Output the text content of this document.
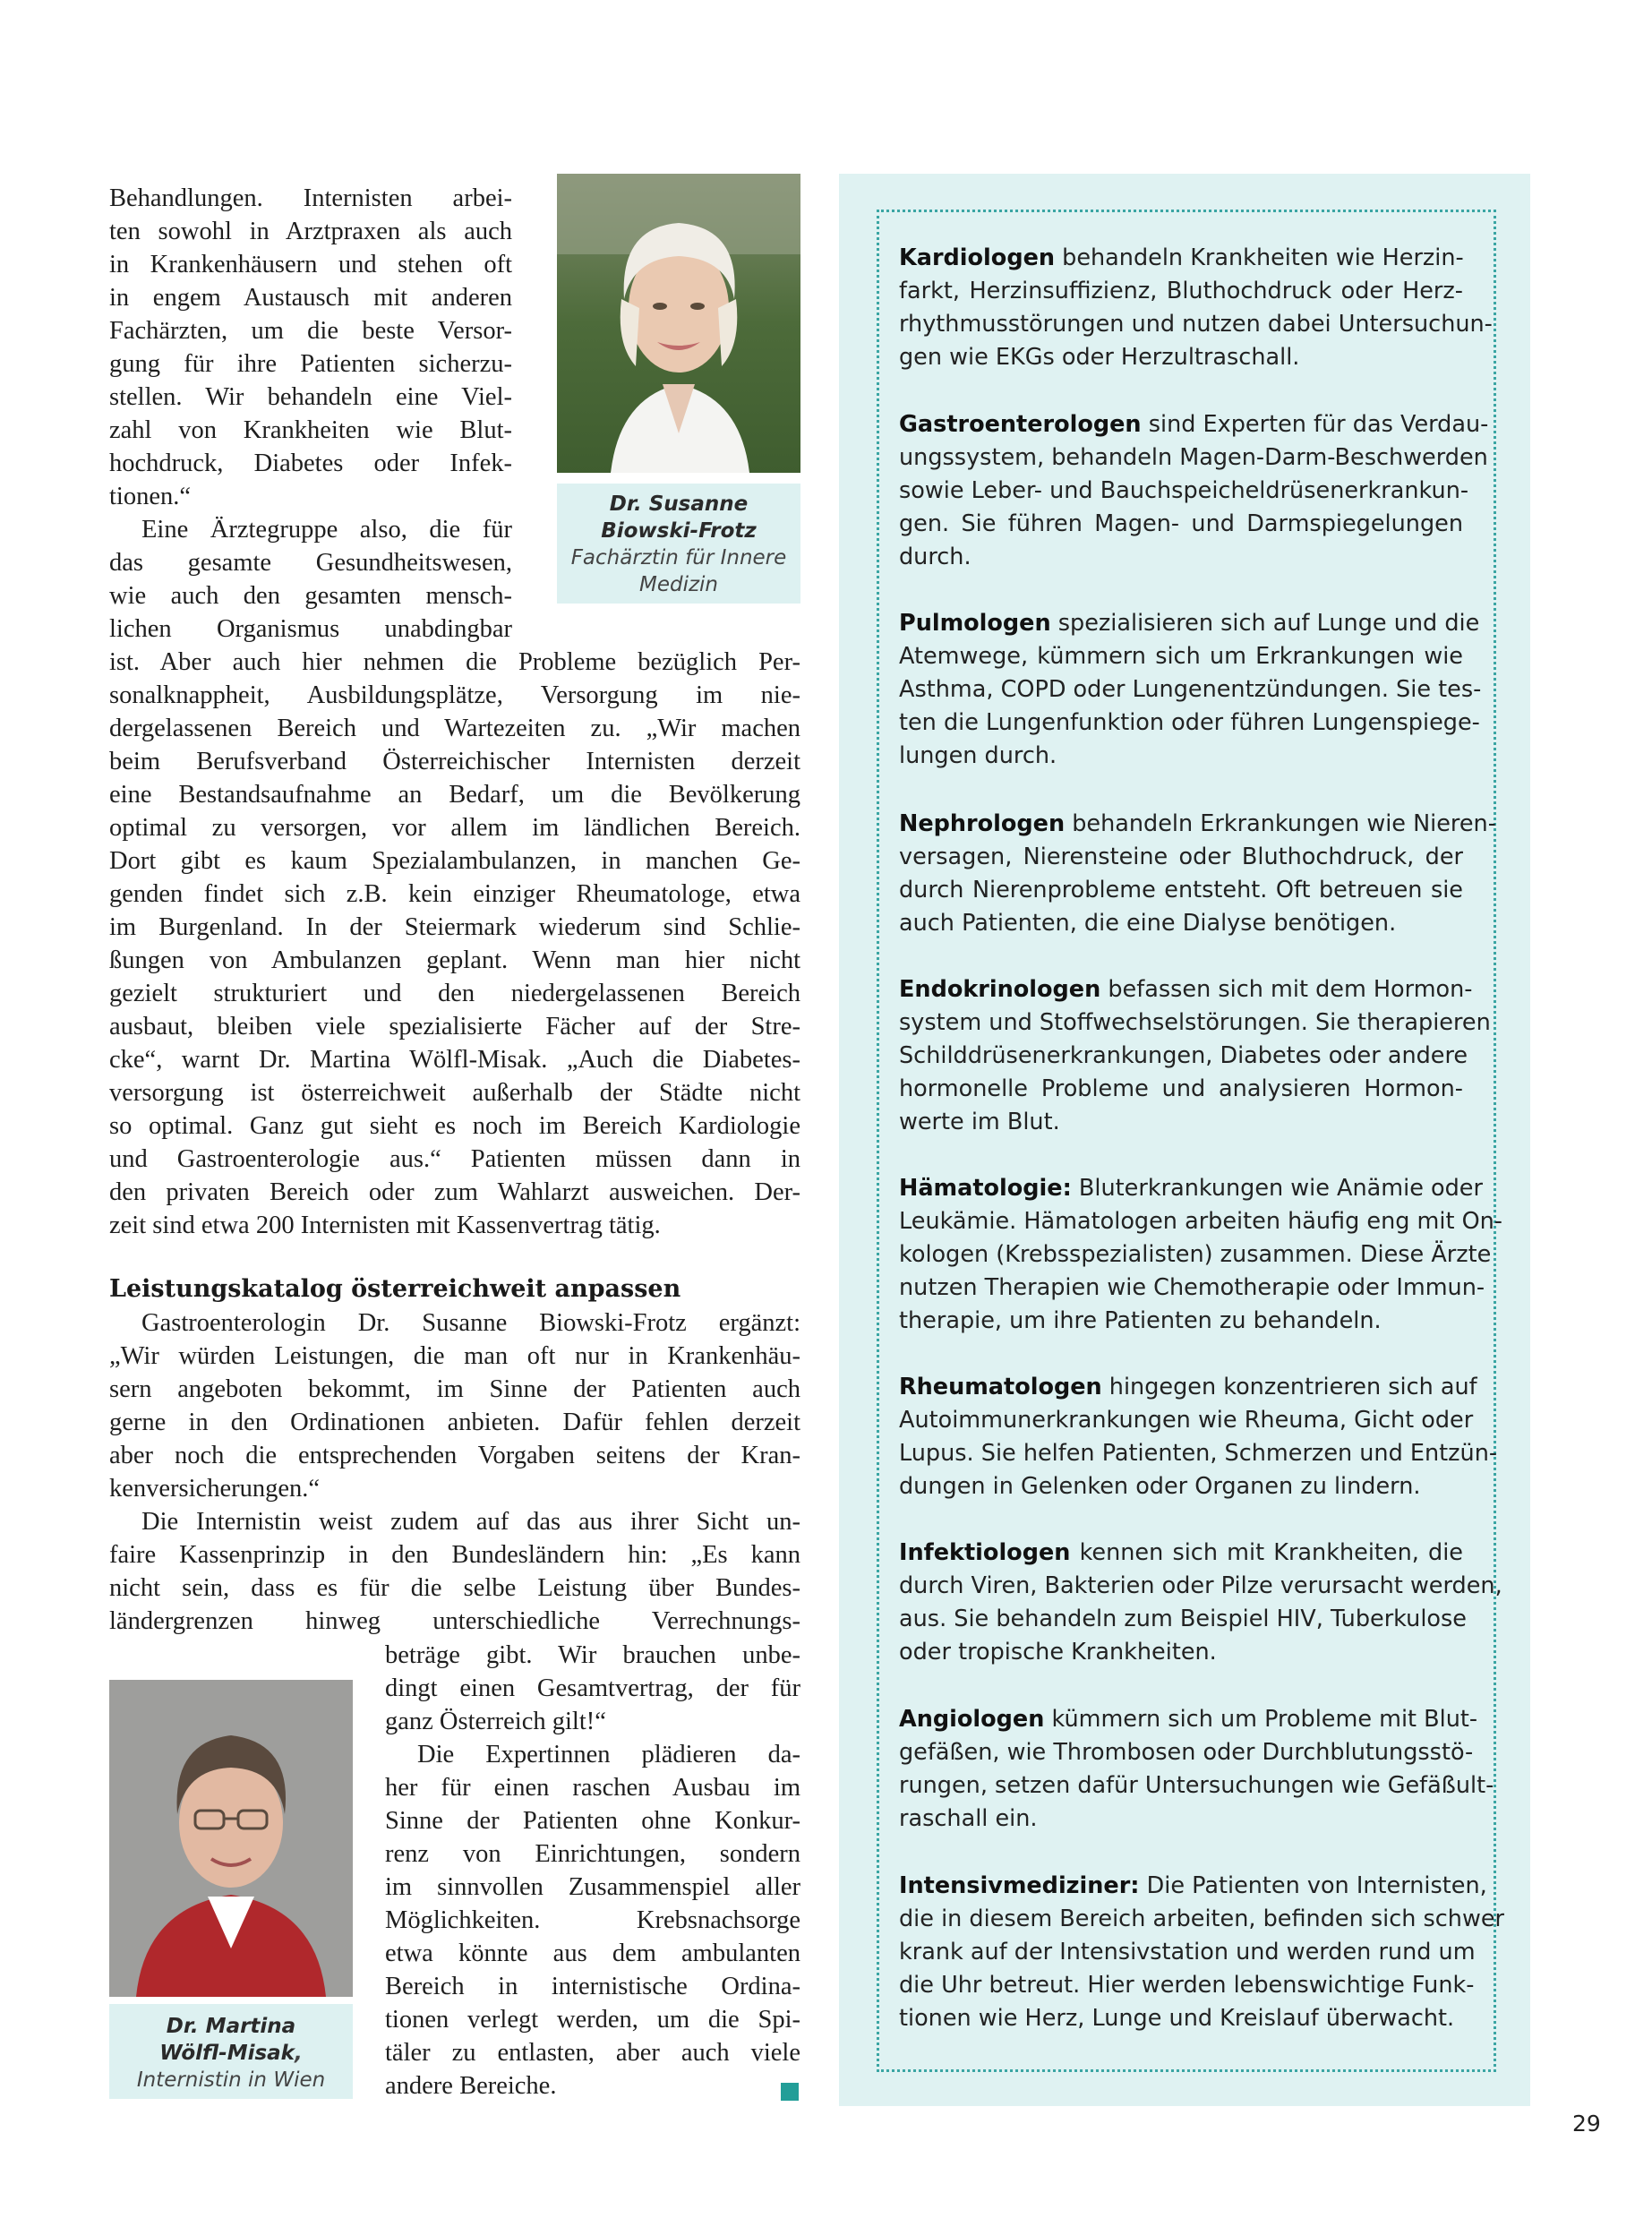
Behandlungen. Internisten arbei-
ten sowohl in Arztpraxen als auch
in Krankenhäusern und stehen oft
in engem Austausch mit anderen
Fachärzten, um die beste Versor-
gung für ihre Patienten sicherzu-
stellen. Wir behandeln eine Viel-
zahl von Krankheiten wie Blut-
hochdruck, Diabetes oder Infek-
tionen.“
Eine Ärztegruppe also, die für
das gesamte Gesundheitswesen,
wie auch den gesamten mensch-
lichen Organismus unabdingbar
Dr. Susanne
Biowski-Frotz
Fachärztin für Innere
Medizin
ist. Aber auch hier nehmen die Probleme bezüglich Per-
sonalknappheit, Ausbildungsplätze, Versorgung im nie-
dergelassenen Bereich und Wartezeiten zu. „Wir machen
beim Berufsverband Österreichischer Internisten derzeit
eine Bestandsaufnahme an Bedarf, um die Bevölkerung
optimal zu versorgen, vor allem im ländlichen Bereich.
Dort gibt es kaum Spezialambulanzen, in manchen Ge-
genden findet sich z.B. kein einziger Rheumatologe, etwa
im Burgenland. In der Steiermark wiederum sind Schlie-
ßungen von Ambulanzen geplant. Wenn man hier nicht
gezielt strukturiert und den niedergelassenen Bereich
ausbaut, bleiben viele spezialisierte Fächer auf der Stre-
cke“, warnt Dr. Martina Wölfl-Misak. „Auch die Diabetes-
versorgung ist österreichweit außerhalb der Städte nicht
so optimal. Ganz gut sieht es noch im Bereich Kardiologie
und Gastroenterologie aus.“ Patienten müssen dann in
den privaten Bereich oder zum Wahlarzt ausweichen. Der-
zeit sind etwa 200 Internisten mit Kassenvertrag tätig.
Leistungskatalog österreichweit anpassen
Gastroenterologin Dr. Susanne Biowski-Frotz ergänzt:
„Wir würden Leistungen, die man oft nur in Krankenhäu-
sern angeboten bekommt, im Sinne der Patienten auch
gerne in den Ordinationen anbieten. Dafür fehlen derzeit
aber noch die entsprechenden Vorgaben seitens der Kran-
kenversicherungen.“
Die Internistin weist zudem auf das aus ihrer Sicht un-
faire Kassenprinzip in den Bundesländern hin: „Es kann
nicht sein, dass es für die selbe Leistung über Bundes-
ländergrenzen hinweg unterschiedliche Verrechnungs-
Dr. Martina
Wölfl-Misak,
Internistin in Wien
beträge gibt. Wir brauchen unbe-
dingt einen Gesamtvertrag, der für
ganz Österreich gilt!“
Die Expertinnen plädieren da-
her für einen raschen Ausbau im
Sinne der Patienten ohne Konkur-
renz von Einrichtungen, sondern
im sinnvollen Zusammenspiel aller
Möglichkeiten. Krebsnachsorge
etwa könnte aus dem ambulanten
Bereich in internistische Ordina-
tionen verlegt werden, um die Spi-
täler zu entlasten, aber auch viele
andere Bereiche.
Kardiologen behandeln Krankheiten wie Herzin-
farkt, Herzinsuffizienz, Bluthochdruck oder Herz-
rhythmusstörungen und nutzen dabei Untersuchun-
gen wie EKGs oder Herzultraschall.
Gastroenterologen sind Experten für das Verdau-
ungssystem, behandeln Magen-Darm-Beschwerden
sowie Leber- und Bauchspeicheldrüsenerkrankun-
gen. Sie führen Magen- und Darmspiegelungen
durch.
Pulmologen spezialisieren sich auf Lunge und die
Atemwege, kümmern sich um Erkrankungen wie
Asthma, COPD oder Lungenentzündungen. Sie tes-
ten die Lungenfunktion oder führen Lungenspiege-
lungen durch.
Nephrologen behandeln Erkrankungen wie Nieren-
versagen, Nierensteine oder Bluthochdruck, der
durch Nierenprobleme entsteht. Oft betreuen sie
auch Patienten, die eine Dialyse benötigen.
Endokrinologen befassen sich mit dem Hormon-
system und Stoffwechselstörungen. Sie therapieren
Schilddrüsenerkrankungen, Diabetes oder andere
hormonelle Probleme und analysieren Hormon-
werte im Blut.
Hämatologie: Bluterkrankungen wie Anämie oder
Leukämie. Hämatologen arbeiten häufig eng mit On-
kologen (Krebsspezialisten) zusammen. Diese Ärzte
nutzen Therapien wie Chemotherapie oder Immun-
therapie, um ihre Patienten zu behandeln.
Rheumatologen hingegen konzentrieren sich auf
Autoimmunerkrankungen wie Rheuma, Gicht oder
Lupus. Sie helfen Patienten, Schmerzen und Entzün-
dungen in Gelenken oder Organen zu lindern.
Infektiologen kennen sich mit Krankheiten, die
durch Viren, Bakterien oder Pilze verursacht werden,
aus. Sie behandeln zum Beispiel HIV, Tuberkulose
oder tropische Krankheiten.
Angiologen kümmern sich um Probleme mit Blut-
gefäßen, wie Thrombosen oder Durchblutungsstö-
rungen, setzen dafür Untersuchungen wie Gefäßult-
raschall ein.
Intensivmediziner: Die Patienten von Internisten,
die in diesem Bereich arbeiten, befinden sich schwer
krank auf der Intensivstation und werden rund um
die Uhr betreut. Hier werden lebenswichtige Funk-
tionen wie Herz, Lunge und Kreislauf überwacht.
29
